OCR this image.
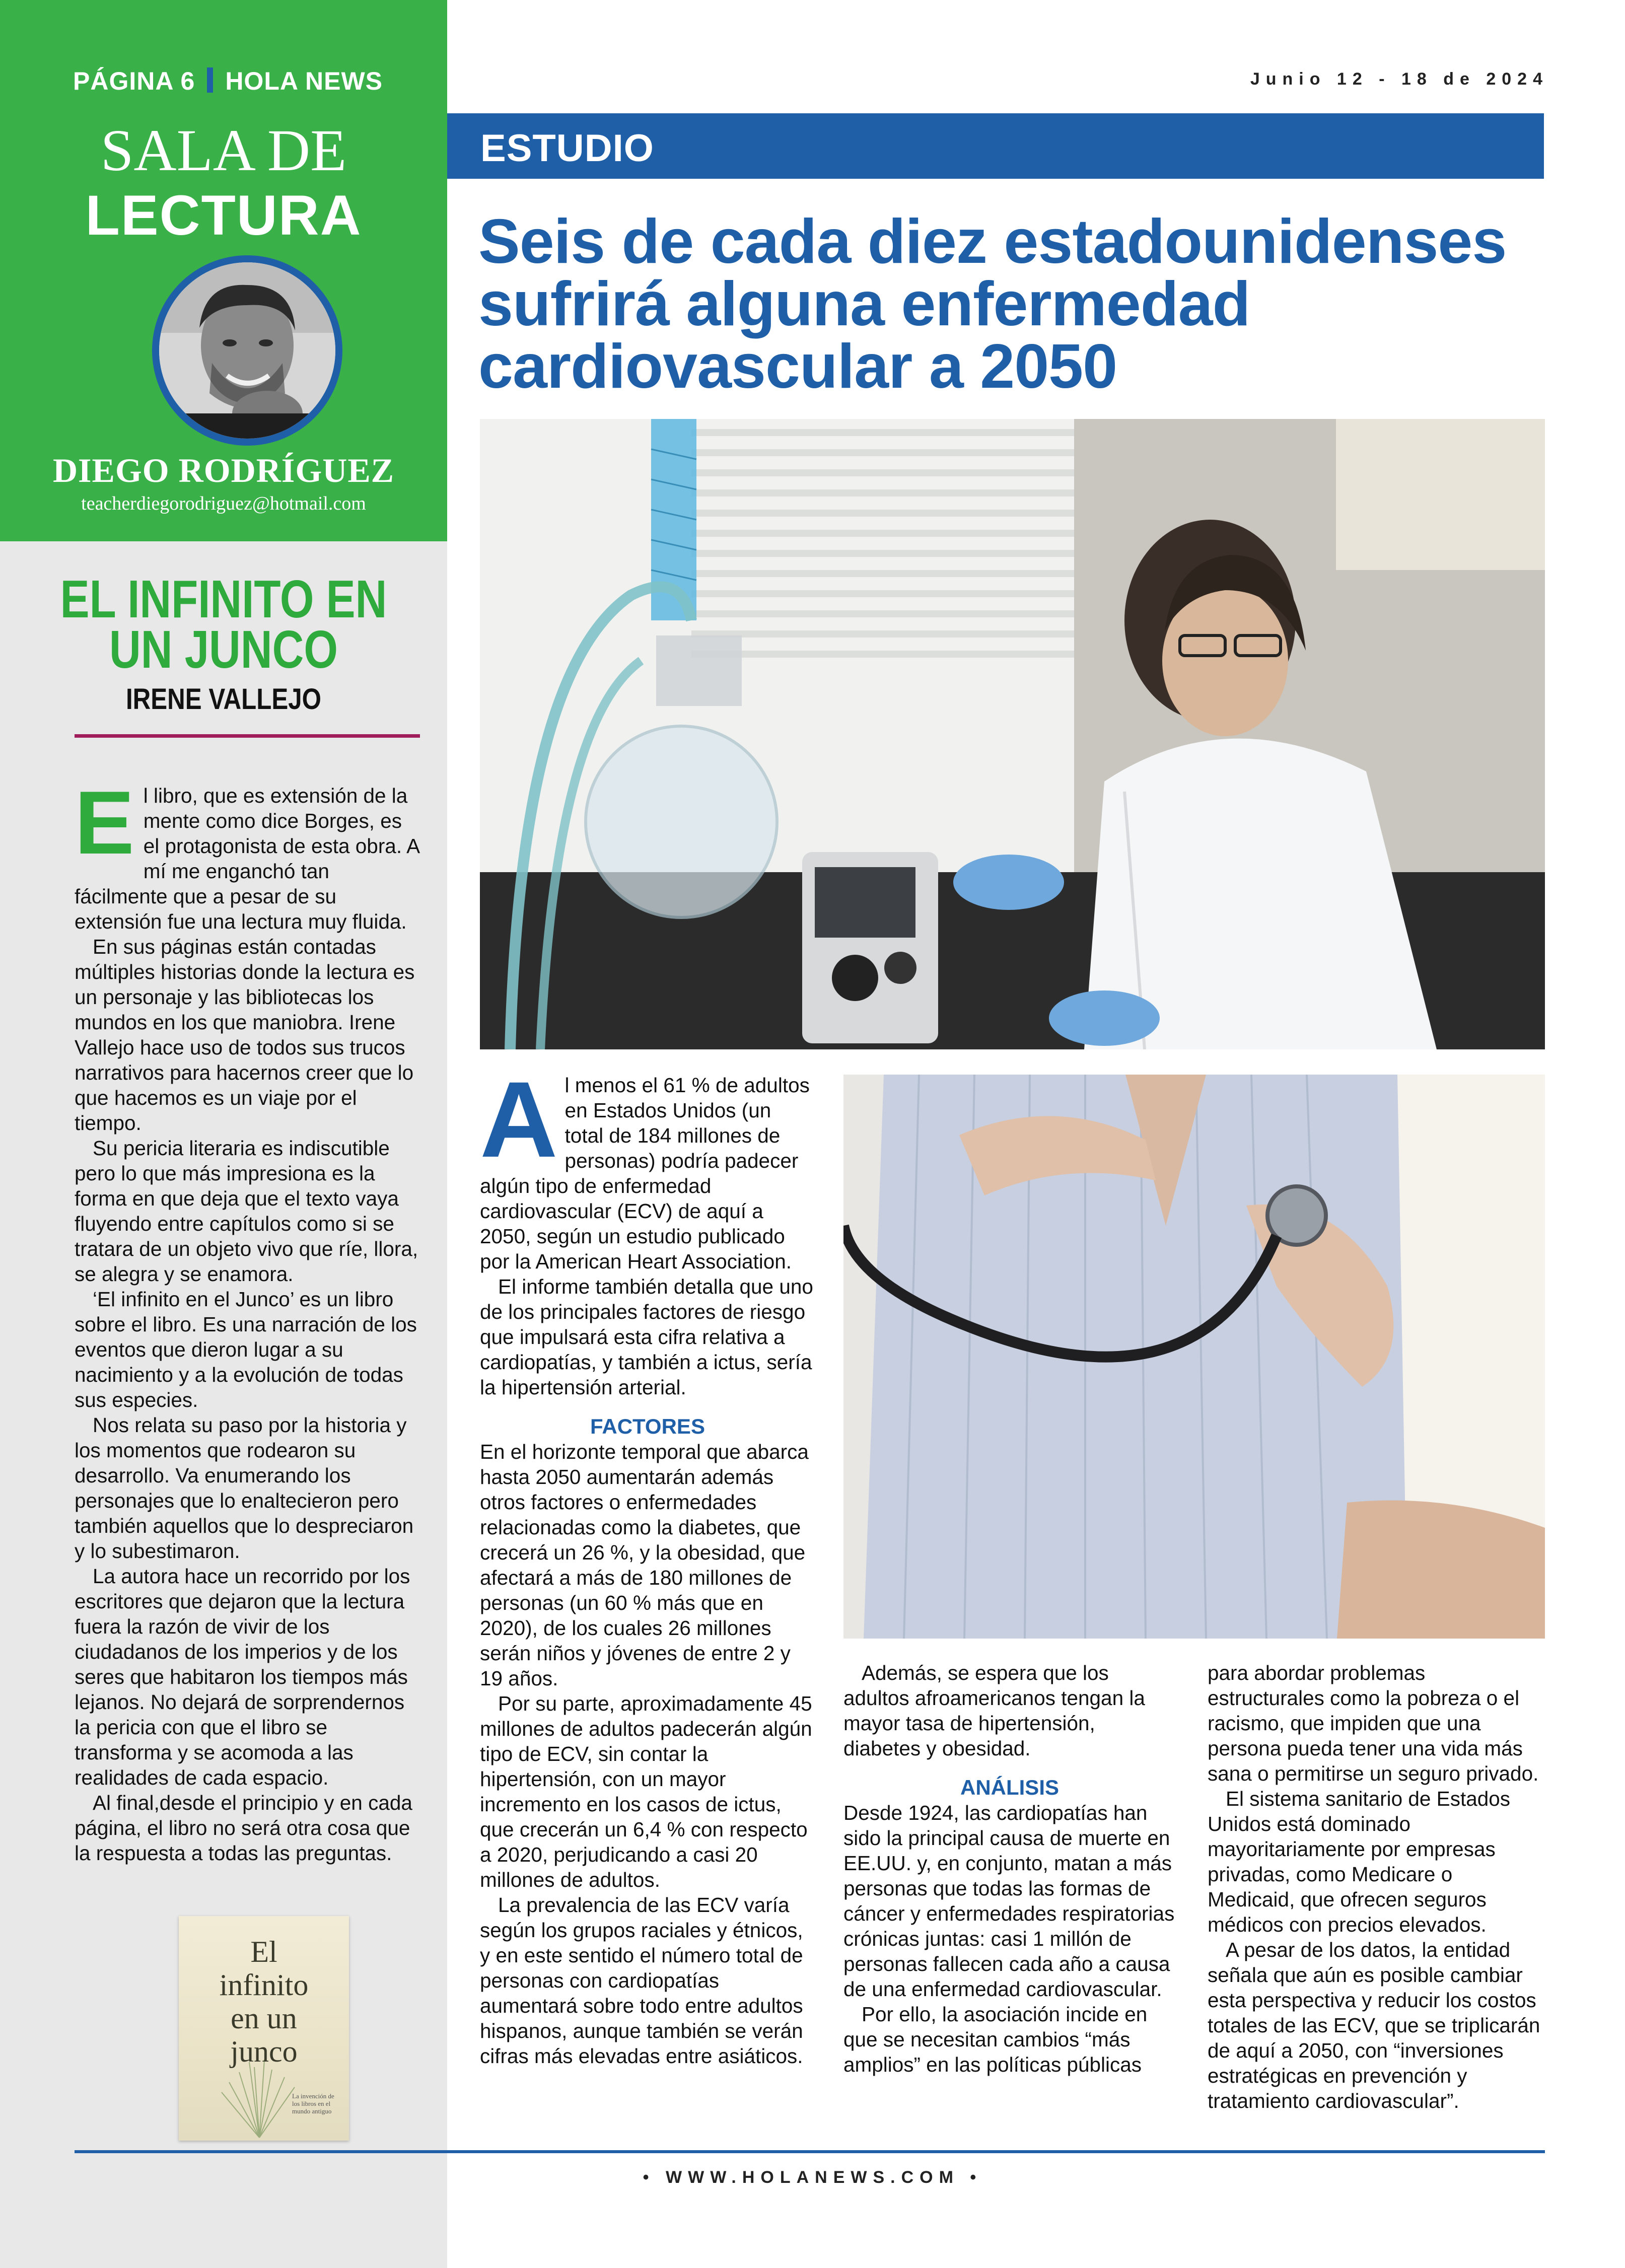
PÁGINA 6 HOLA NEWS
SALA DE
LECTURA
DIEGO RODRÍGUEZ
teacherdiegorodriguez@hotmail.com
EL INFINITO EN
UN JUNCO
IRENE VALLEJO

El libro, que es extensión de la mente como dice Borges, es el protagonista de esta obra. A mí me enganchó tan fácilmente que a pesar de su extensión fue una lectura muy fluida.

En sus páginas están contadas múltiples historias donde la lectura es un personaje y las bibliotecas los mundos en los que maniobra. Irene Vallejo hace uso de todos sus trucos narrativos para hacernos creer que lo que hacemos es un viaje por el tiempo.

Su pericia literaria es indiscutible pero lo que más impresiona es la forma en que deja que el texto vaya fluyendo entre capítulos como si se tratara de un objeto vivo que ríe, llora, se alegra y se enamora.

‘El infinito en el Junco’ es un libro sobre el libro. Es una narración de los eventos que dieron lugar a su nacimiento y a la evolución de todas sus especies.

Nos relata su paso por la historia y los momentos que rodearon su desarrollo. Va enumerando los personajes que lo enaltecieron pero también aquellos que lo despreciaron y lo subestimaron.

La autora hace un recorrido por los escritores que dejaron que la lectura fuera la razón de vivir de los ciudadanos de los imperios y de los seres que habitaron los tiempos más lejanos. No dejará de sorprendernos la pericia con que el libro se transforma y se acomoda a las realidades de cada espacio.

Al final,desde el principio y en cada página, el libro no será otra cosa que la respuesta a todas las preguntas.

El
infinito
en un
junco
La invención de los libros en el mundo antiguo
Junio 12 - 18 de 2024
ESTUDIO
Seis de cada diez estadounidenses sufrirá alguna enfermedad cardiovascular a 2050

Al menos el 61 % de adultos en Estados Unidos (un total de 184 millones de personas) podría padecer algún tipo de enfermedad cardiovascular (ECV) de aquí a 2050, según un estudio publicado por la American Heart Association.

El informe también detalla que uno de los principales factores de riesgo que impulsará esta cifra relativa a cardiopatías, y también a ictus, sería la hipertensión arterial.

FACTORES

En el horizonte temporal que abarca hasta 2050 aumentarán además otros factores o enfermedades relacionadas como la diabetes, que crecerá un 26 %, y la obesidad, que afectará a más de 180 millones de personas (un 60 % más que en 2020), de los cuales 26 millones serán niños y jóvenes de entre 2 y 19 años.

Por su parte, aproximadamente 45 millones de adultos padecerán algún tipo de ECV, sin contar la hipertensión, con un mayor incremento en los casos de ictus, que crecerán un 6,4 % con respecto a 2020, perjudicando a casi 20 millones de adultos.

La prevalencia de las ECV varía según los grupos raciales y étnicos, y en este sentido el número total de personas con cardiopatías aumentará sobre todo entre adultos hispanos, aunque también se verán cifras más elevadas entre asiáticos.

Además, se espera que los adultos afroamericanos tengan la mayor tasa de hipertensión, diabetes y obesidad.

ANÁLISIS

Desde 1924, las cardiopatías han sido la principal causa de muerte en EE.UU. y, en conjunto, matan a más personas que todas las formas de cáncer y enfermedades respiratorias crónicas juntas: casi 1 millón de personas fallecen cada año a causa de una enfermedad cardiovascular.

Por ello, la asociación incide en que se necesitan cambios “más amplios” en las políticas públicas

para abordar problemas estructurales como la pobreza o el racismo, que impiden que una persona pueda tener una vida más sana o permitirse un seguro privado.

El sistema sanitario de Estados Unidos está dominado mayoritariamente por empresas privadas, como Medicare o Medicaid, que ofrecen seguros médicos con precios elevados.

A pesar de los datos, la entidad señala que aún es posible cambiar esta perspectiva y reducir los costos totales de las ECV, que se triplicarán de aquí a 2050, con “inversiones estratégicas en prevención y tratamiento cardiovascular”.

• WWW.HOLANEWS.COM •
